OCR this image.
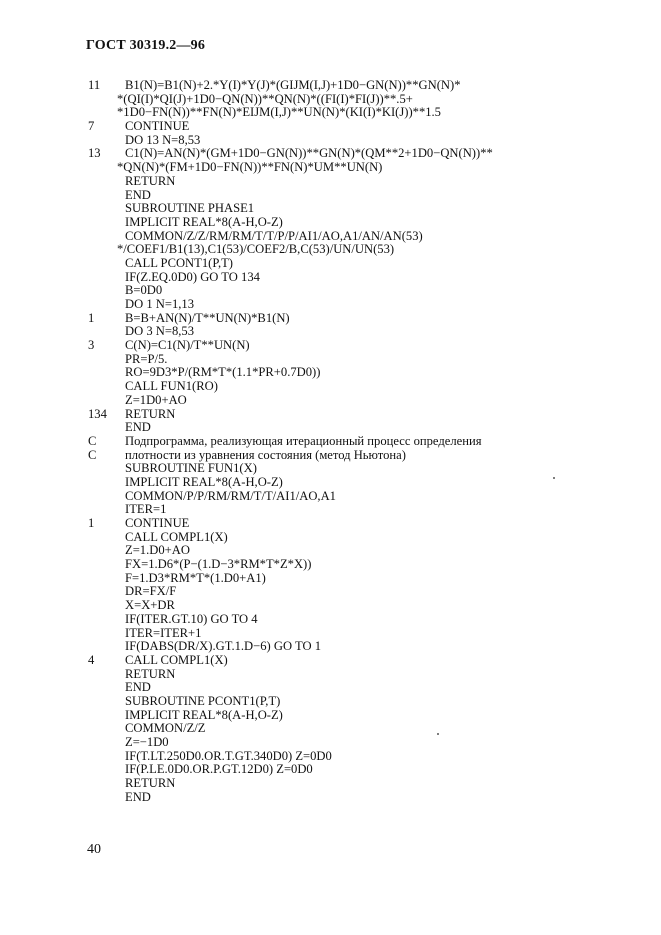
ГОСТ 30319.2—96
11 B1(N)=B1(N)+2.*Y(I)*Y(J)*(GIJM(I,J)+1D0−GN(N))**GN(N)*
*(QI(I)*QI(J)+1D0−QN(N))**QN(N)*((FI(I)*FI(J))**.5+
*1D0−FN(N))**FN(N)*EIJM(I,J)**UN(N)*(KI(I)*KI(J))**1.5
7 CONTINUE
DO 13 N=8,53
13 C1(N)=AN(N)*(GM+1D0−GN(N))**GN(N)*(QM**2+1D0−QN(N))**
*QN(N)*(FM+1D0−FN(N))**FN(N)*UM**UN(N)
RETURN
END
SUBROUTINE PHASE1
IMPLICIT REAL*8(A-H,O-Z)
COMMON/Z/Z/RM/RM/T/T/P/P/AI1/AO,A1/AN/AN(53)
*/COEF1/B1(13),C1(53)/COEF2/B,C(53)/UN/UN(53)
CALL PCONT1(P,T)
IF(Z.EQ.0D0) GO TO 134
B=0D0
DO 1 N=1,13
1 B=B+AN(N)/T**UN(N)*B1(N)
DO 3 N=8,53
3 C(N)=C1(N)/T**UN(N)
PR=P/5.
RO=9D3*P/(RM*T*(1.1*PR+0.7D0))
CALL FUN1(RO)
Z=1D0+AO
134 RETURN
END
C Подпрограмма, реализующая итерационный процесс определения
C плотности из уравнения состояния (метод Ньютона)
SUBROUTINE FUN1(X)
IMPLICIT REAL*8(A-H,O-Z)
COMMON/P/P/RM/RM/T/T/AI1/AO,A1
ITER=1
1 CONTINUE
CALL COMPL1(X)
Z=1.D0+AO
FX=1.D6*(P−(1.D−3*RM*T*Z*X))
F=1.D3*RM*T*(1.D0+A1)
DR=FX/F
X=X+DR
IF(ITER.GT.10) GO TO 4
ITER=ITER+1
IF(DABS(DR/X).GT.1.D−6) GO TO 1
4 CALL COMPL1(X)
RETURN
END
SUBROUTINE PCONT1(P,T)
IMPLICIT REAL*8(A-H,O-Z)
COMMON/Z/Z
Z=−1D0
IF(T.LT.250D0.OR.T.GT.340D0) Z=0D0
IF(P.LE.0D0.OR.P.GT.12D0) Z=0D0
RETURN
END
40
